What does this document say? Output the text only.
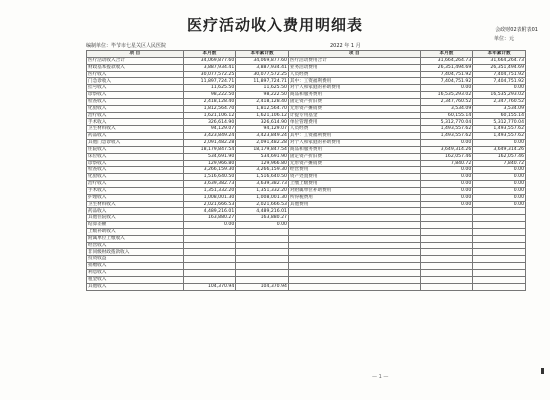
医疗活动收入费用明细表	会政财02表附表01
单位：元
编制单位：毕节市七星关区人民医院	2022 年 1 月
项 目	本月数	本年累计数	项 目	本月数	本年累计数
医疗活动收入合计	34,069,877.60	34,069,877.60	医疗活动费用合计	31,664,264.73	31,664,264.73
财政基本拨款收入	3,887,934.41	3,887,934.41	业务活动费用	26,351,494.69	26,351,494.69
医疗收入	30,077,572.25	30,077,572.25	人员经费	7,404,751.92	7,404,751.92
门急诊收入	11,897,724.71	11,897,724.71	其中：工资福利费用	7,404,751.92	7,404,751.92
挂号收入	11,625.50	11,625.50	对个人和家庭的补助费用	0.00	0.00
诊察收入	98,222.50	98,222.50	商品和服务费用	16,535,293.02	16,535,293.02
检查收入	2,418,128.40	2,418,128.40	固定资产折旧费	2,347,760.52	2,347,760.52
化验收入	1,812,564.70	1,812,564.70	无形资产摊销费	3,534.09	3,534.09
治疗收入	1,621,106.12	1,621,106.12	计提专用基金	60,155.14	60,155.14
手术收入	326,614.90	326,614.90	单位管理费用	5,312,770.04	5,312,770.04
卫生材料收入	94,129.07	94,129.07	人员经费	1,493,557.62	1,493,557.62
药品收入	3,423,849.24	3,423,849.24	其中：工资福利费用	1,493,557.62	1,493,557.62
其他门急诊收入	2,091,482.28	2,091,482.28	对个人和家庭的补助费用	0.00	0.00
住院收入	18,179,847.54	18,179,847.54	商品和服务费用	3,649,314.26	3,649,314.26
床位收入	534,691.90	534,691.90	固定资产折旧费	162,057.46	162,057.46
诊察收入	129,966.80	129,966.80	无形资产摊销费	7,840.72	7,840.72
检查收入	3,266,159.30	3,266,159.30	经营费用	0.00	0.00
化验收入	1,516,640.50	1,516,640.50	资产处置费用	0.00	0.00
治疗收入	3,639,382.73	3,639,382.73	上缴上级费用	0.00	0.00
手术收入	1,351,332.20	1,351,332.20	对附属单位补助费用	0.00	0.00
护理收入	1,008,001.30	1,008,001.30	所得税费用	0.00	0.00
卫生材料收入	2,021,666.53	2,021,666.53	其他费用	0.00	0.00
药品收入	4,489,216.01	4,489,216.01			
其他住院收入	163,880.27	163,880.27			
结算差额	0.00	0.00			
上级补助收入					
附属单位上缴收入					
经营收入					
非同级财政拨款收入					
投资收益					
捐赠收入					
利息收入					
租金收入					
其他收入	104,370.94	104,370.94			
— 1 —
